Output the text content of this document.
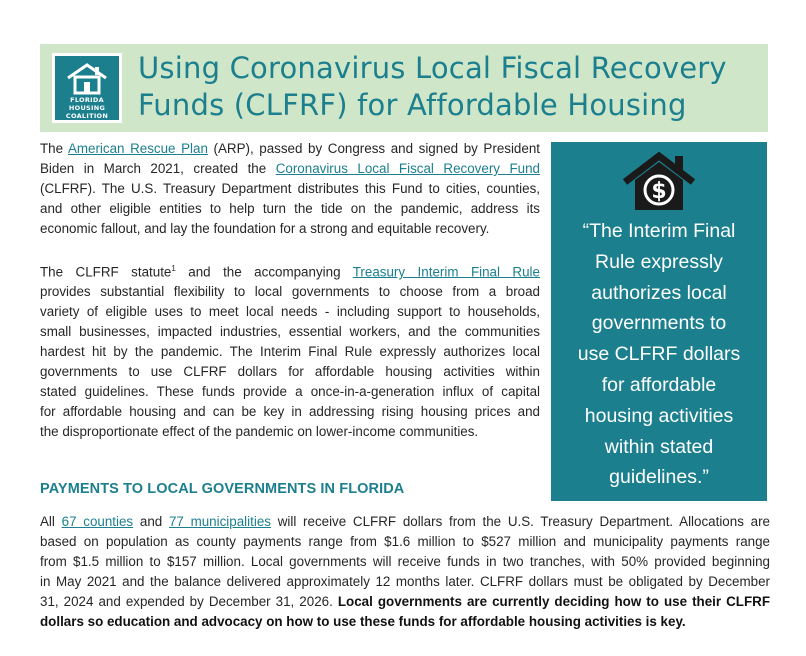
FLORIDA
HOUSING
COALITION
Using Coronavirus Local Fiscal Recovery
Funds (CLFRF) for Affordable Housing
The American Rescue Plan (ARP), passed by Congress and signed by President
Biden in March 2021, created the Coronavirus Local Fiscal Recovery Fund
(CLFRF). The U.S. Treasury Department distributes this Fund to cities, counties,
and other eligible entities to help turn the tide on the pandemic, address its
economic fallout, and lay the foundation for a strong and equitable recovery.
The CLFRF statute$^1$ and the accompanying Treasury Interim Final Rule
provides substantial flexibility to local governments to choose from a broad
variety of eligible uses to meet local needs - including support to households,
small businesses, impacted industries, essential workers, and the communities
hardest hit by the pandemic. The Interim Final Rule expressly authorizes local
governments to use CLFRF dollars for affordable housing activities within
stated guidelines. These funds provide a once-in-a-generation influx of capital
for affordable housing and can be key in addressing rising housing prices and
the disproportionate effect of the pandemic on lower-income communities.
$

“The Interim Final
Rule expressly
authorizes local
governments to
use CLFRF dollars
for affordable
housing activities
within stated
guidelines.”

PAYMENTS TO LOCAL GOVERNMENTS IN FLORIDA
All 67 counties and 77 municipalities will receive CLFRF dollars from the U.S. Treasury Department. Allocations are
based on population as county payments range from $1.6 million to $527 million and municipality payments range
from $1.5 million to $157 million. Local governments will receive funds in two tranches, with 50% provided beginning
in May 2021 and the balance delivered approximately 12 months later. CLFRF dollars must be obligated by December
31, 2024 and expended by December 31, 2026. Local governments are currently deciding how to use their CLFRF
dollars so education and advocacy on how to use these funds for affordable housing activities is key.
